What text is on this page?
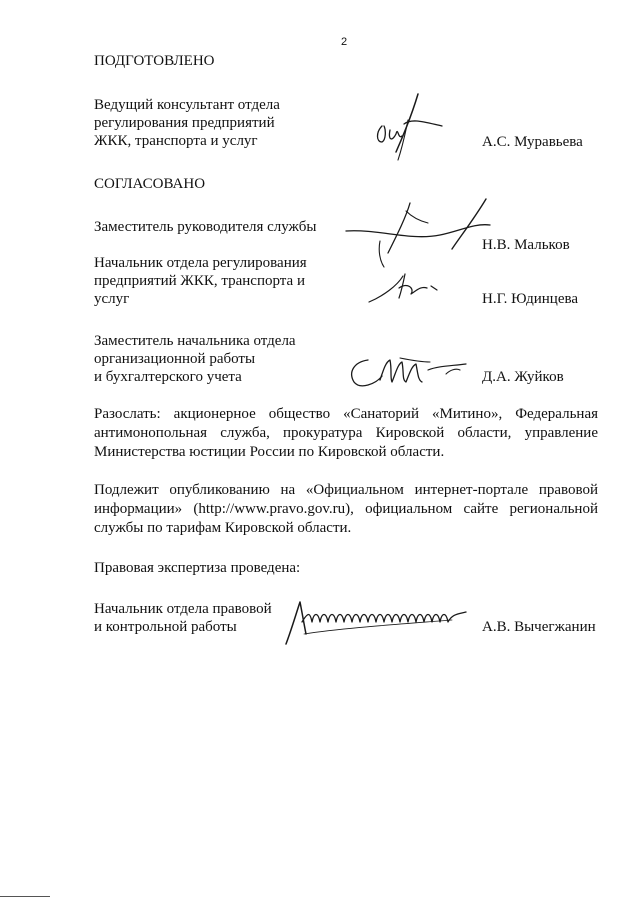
2
ПОДГОТОВЛЕНО
Ведущий консультант отдела
регулирования предприятий
ЖКК, транспорта и услуг	А.С. Муравьева
СОГЛАСОВАНО
Заместитель руководителя службы
Н.В. Мальков
Начальник отдела регулирования
предприятий ЖКК, транспорта и
услуг	Н.Г. Юдинцева
Заместитель начальника отдела
организационной работы
и бухгалтерского учета	Д.А. Жуйков
Разослать: акционерное общество «Санаторий «Митино», Федеральная антимонопольная служба, прокуратура Кировской области, управление Министерства юстиции России по Кировской области.
Подлежит опубликованию на «Официальном интернет-портале правовой информации» (http://www.pravo.gov.ru), официальном сайте региональной службы по тарифам Кировской области.
Правовая экспертиза проведена:
Начальник отдела правовой
и контрольной работы	А.В. Вычегжанин
